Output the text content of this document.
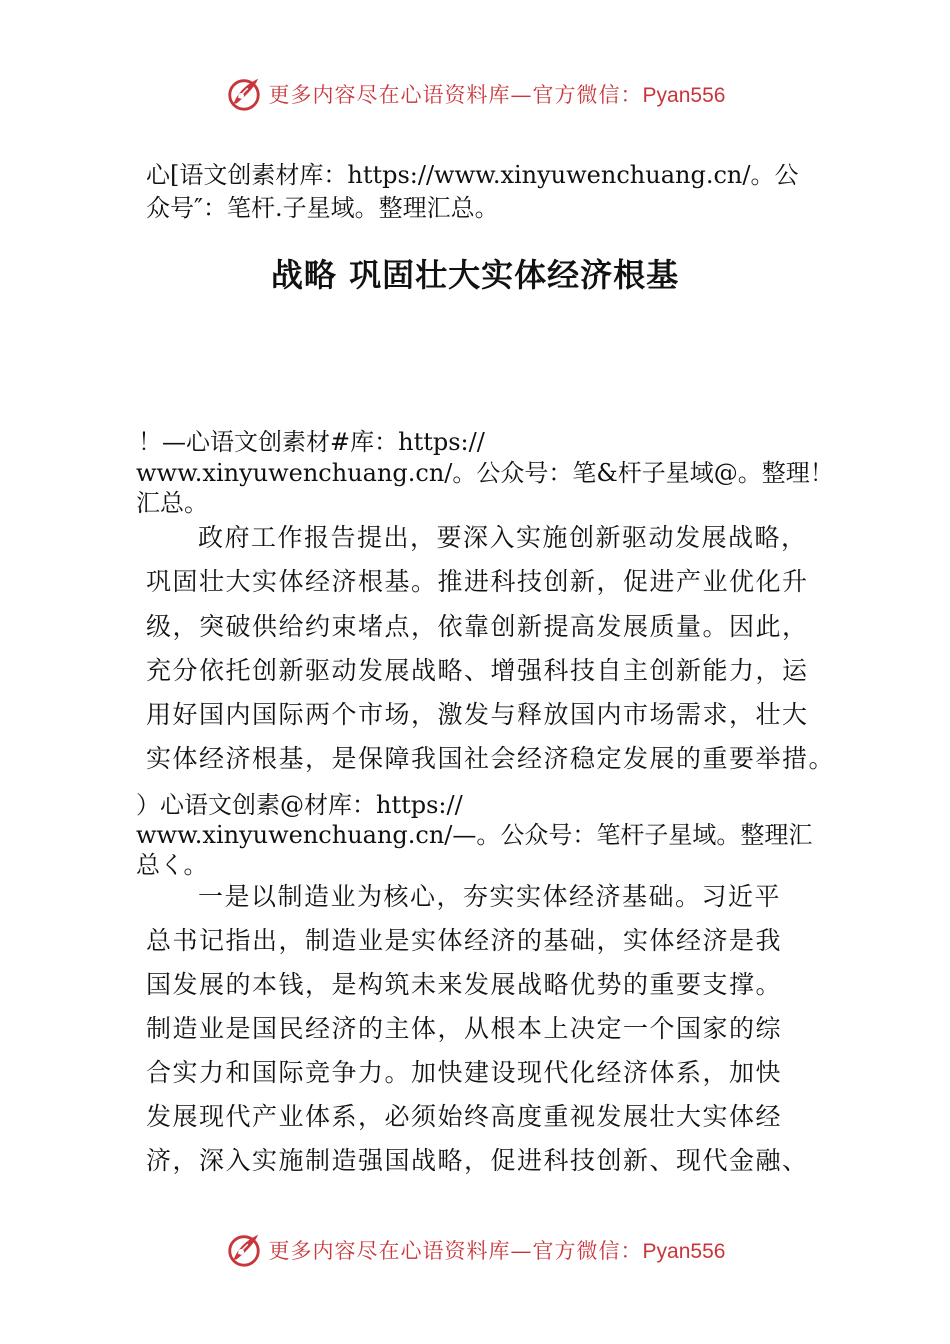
更多内容尽在心语资料库—官方微信：Pyan556
心[语文创素材库：https://www.xinyuwenchuang.cn/。公
众号″：笔杆.子星域。整理汇总。
战略 巩固壮大实体经济根基
！—心语文创素材#库：https://
www.xinyuwenchuang.cn/。公众号：笔&杆子星域@。整理！
汇总。
政府工作报告提出，要深入实施创新驱动发展战略，
巩固壮大实体经济根基。推进科技创新，促进产业优化升
级，突破供给约束堵点，依靠创新提高发展质量。因此，
充分依托创新驱动发展战略、增强科技自主创新能力，运
用好国内国际两个市场，激发与释放国内市场需求，壮大
实体经济根基，是保障我国社会经济稳定发展的重要举措。
）心语文创素@材库：https://
www.xinyuwenchuang.cn/—。公众号：笔杆子星域。整理汇
总く。
一是以制造业为核心，夯实实体经济基础。习近平
总书记指出，制造业是实体经济的基础，实体经济是我
国发展的本钱，是构筑未来发展战略优势的重要支撑。
制造业是国民经济的主体，从根本上决定一个国家的综
合实力和国际竞争力。加快建设现代化经济体系，加快
发展现代产业体系，必须始终高度重视发展壮大实体经
济，深入实施制造强国战略，促进科技创新、现代金融、
更多内容尽在心语资料库—官方微信：Pyan556
